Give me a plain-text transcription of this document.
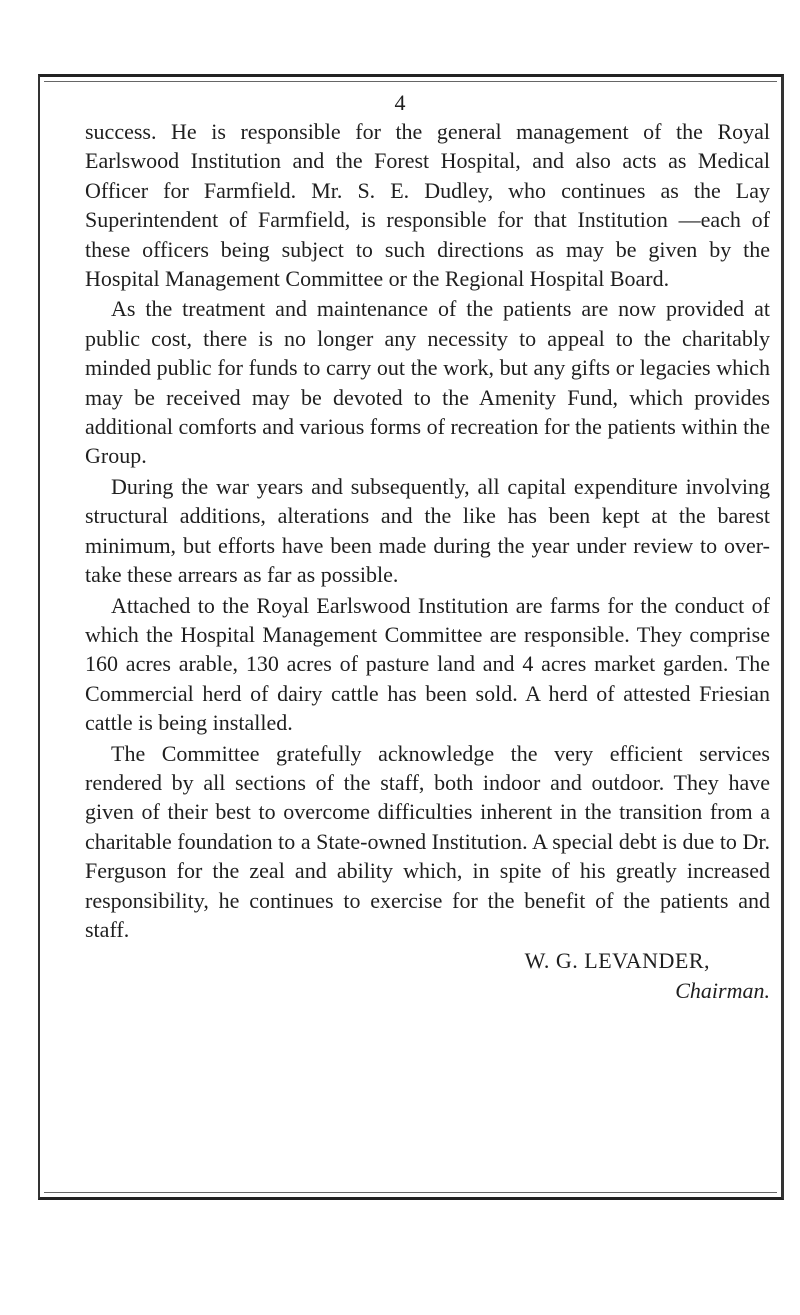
4

success. He is responsible for the general management of the Royal Earlswood Institution and the Forest Hospital, and also acts as Medical Officer for Farmfield. Mr. S. E. Dudley, who continues as the Lay Superintendent of Farmfield, is responsible for that Institution —each of these officers being subject to such directions as may be given by the Hospital Management Committee or the Regional Hospital Board.

As the treatment and maintenance of the patients are now provided at public cost, there is no longer any necessity to appeal to the charitably minded public for funds to carry out the work, but any gifts or legacies which may be received may be devoted to the Amenity Fund, which provides additional comforts and various forms of recreation for the patients within the Group.

During the war years and subsequently, all capital expenditure involving structural additions, alterations and the like has been kept at the barest minimum, but efforts have been made during the year under review to over-take these arrears as far as possible.

Attached to the Royal Earlswood Institution are farms for the conduct of which the Hospital Management Committee are responsible. They comprise 160 acres arable, 130 acres of pasture land and 4 acres market garden. The Commercial herd of dairy cattle has been sold. A herd of attested Friesian cattle is being installed.

The Committee gratefully acknowledge the very efficient services rendered by all sections of the staff, both indoor and outdoor. They have given of their best to overcome difficulties inherent in the transition from a charitable foundation to a State-owned Institution. A special debt is due to Dr. Ferguson for the zeal and ability which, in spite of his greatly increased responsibility, he continues to exercise for the benefit of the patients and staff.

W. G. LEVANDER,
Chairman.
